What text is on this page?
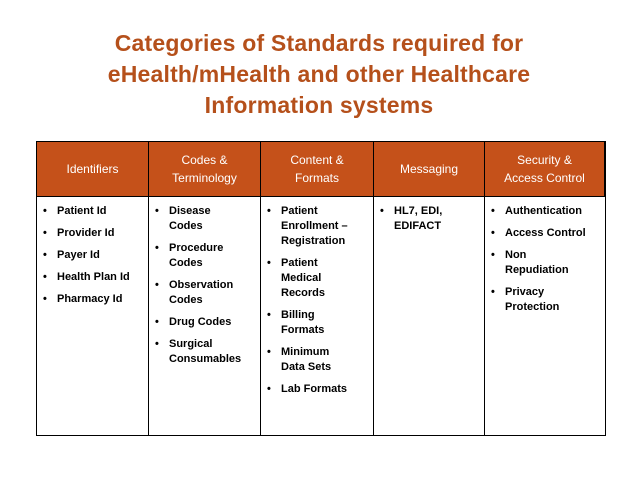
Categories of Standards required for
eHealth/mHealth and other Healthcare
Information systems
Identifiers
Codes &
Terminology
Content &
Formats
Messaging
Security &
Access Control
• Patient Id
• Provider Id
• Payer Id
• Health Plan Id
• Pharmacy Id
• Disease
Codes
• Procedure
Codes
• Observation
Codes
• Drug Codes
• Surgical
Consumables
• Patient
Enrollment –
Registration
• Patient
Medical
Records
• Billing
Formats
• Minimum
Data Sets
• Lab Formats
• HL7, EDI,
EDIFACT
• Authentication
• Access Control
• Non
Repudiation
• Privacy
Protection
